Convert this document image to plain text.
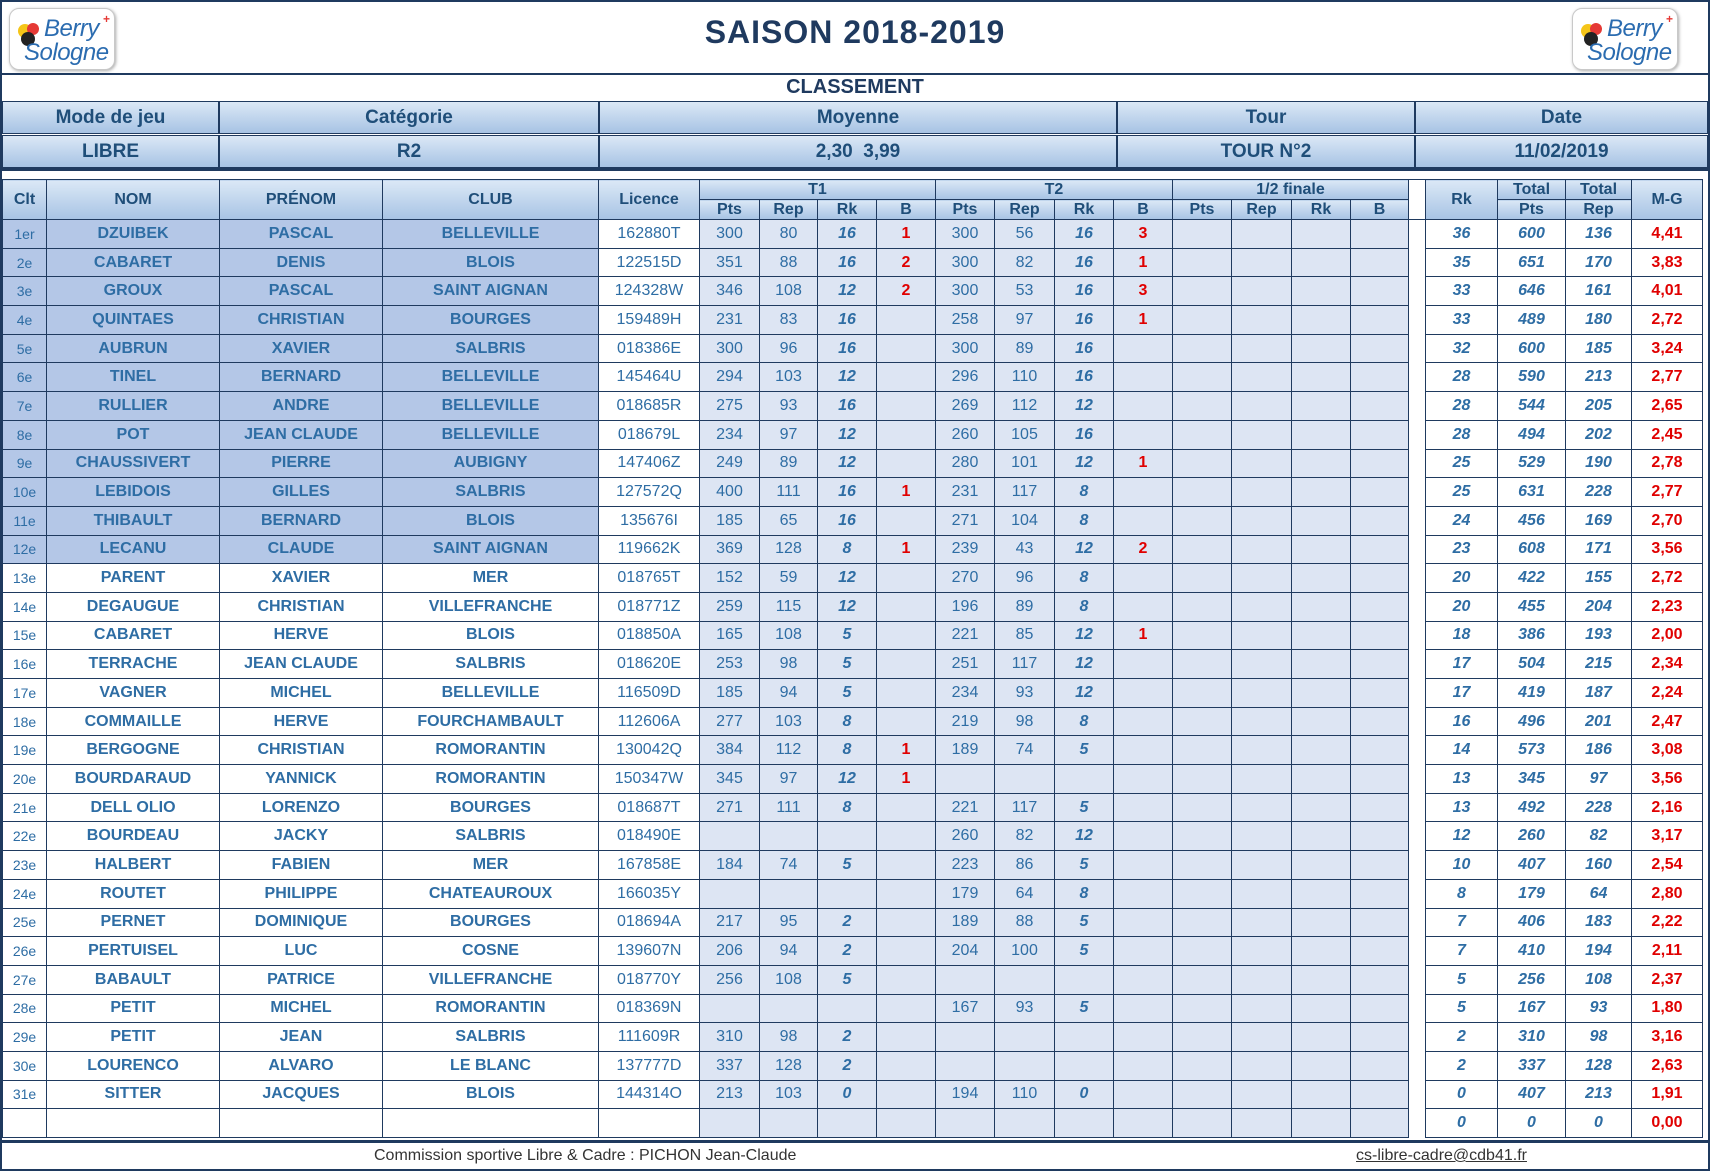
+
Berry
Sologne
+
Berry
Sologne
SAISON 2018-2019
CLASSEMENT
Mode de jeu	Catégorie	Moyenne	Tour	Date
LIBRE	R2	2,30  3,99	TOUR N°2	11/02/2019
Clt	NOM	PRÉNOM	CLUB	Licence	T1				T2				1/2 finale					Rk	Total	Total	M-G
					Pts	Rep	Rk	B	Pts	Rep	Rk	B	Pts	Rep	Rk	B			Pts	Rep	
1er	DZUIBEK	PASCAL	BELLEVILLE	162880T	300	80	16	1	300	56	16	3						36	600	136	4,41
2e	CABARET	DENIS	BLOIS	122515D	351	88	16	2	300	82	16	1						35	651	170	3,83
3e	GROUX	PASCAL	SAINT AIGNAN	124328W	346	108	12	2	300	53	16	3						33	646	161	4,01
4e	QUINTAES	CHRISTIAN	BOURGES	159489H	231	83	16		258	97	16	1						33	489	180	2,72
5e	AUBRUN	XAVIER	SALBRIS	018386E	300	96	16		300	89	16							32	600	185	3,24
6e	TINEL	BERNARD	BELLEVILLE	145464U	294	103	12		296	110	16							28	590	213	2,77
7e	RULLIER	ANDRE	BELLEVILLE	018685R	275	93	16		269	112	12							28	544	205	2,65
8e	POT	JEAN CLAUDE	BELLEVILLE	018679L	234	97	12		260	105	16							28	494	202	2,45
9e	CHAUSSIVERT	PIERRE	AUBIGNY	147406Z	249	89	12		280	101	12	1						25	529	190	2,78
10e	LEBIDOIS	GILLES	SALBRIS	127572Q	400	111	16	1	231	117	8							25	631	228	2,77
11e	THIBAULT	BERNARD	BLOIS	135676I	185	65	16		271	104	8							24	456	169	2,70
12e	LECANU	CLAUDE	SAINT AIGNAN	119662K	369	128	8	1	239	43	12	2						23	608	171	3,56
13e	PARENT	XAVIER	MER	018765T	152	59	12		270	96	8							20	422	155	2,72
14e	DEGAUGUE	CHRISTIAN	VILLEFRANCHE	018771Z	259	115	12		196	89	8							20	455	204	2,23
15e	CABARET	HERVE	BLOIS	018850A	165	108	5		221	85	12	1						18	386	193	2,00
16e	TERRACHE	JEAN CLAUDE	SALBRIS	018620E	253	98	5		251	117	12							17	504	215	2,34
17e	VAGNER	MICHEL	BELLEVILLE	116509D	185	94	5		234	93	12							17	419	187	2,24
18e	COMMAILLE	HERVE	FOURCHAMBAULT	112606A	277	103	8		219	98	8							16	496	201	2,47
19e	BERGOGNE	CHRISTIAN	ROMORANTIN	130042Q	384	112	8	1	189	74	5							14	573	186	3,08
20e	BOURDARAUD	YANNICK	ROMORANTIN	150347W	345	97	12	1										13	345	97	3,56
21e	DELL OLIO	LORENZO	BOURGES	018687T	271	111	8		221	117	5							13	492	228	2,16
22e	BOURDEAU	JACKY	SALBRIS	018490E					260	82	12							12	260	82	3,17
23e	HALBERT	FABIEN	MER	167858E	184	74	5		223	86	5							10	407	160	2,54
24e	ROUTET	PHILIPPE	CHATEAUROUX	166035Y					179	64	8							8	179	64	2,80
25e	PERNET	DOMINIQUE	BOURGES	018694A	217	95	2		189	88	5							7	406	183	2,22
26e	PERTUISEL	LUC	COSNE	139607N	206	94	2		204	100	5							7	410	194	2,11
27e	BABAULT	PATRICE	VILLEFRANCHE	018770Y	256	108	5											5	256	108	2,37
28e	PETIT	MICHEL	ROMORANTIN	018369N					167	93	5							5	167	93	1,80
29e	PETIT	JEAN	SALBRIS	111609R	310	98	2											2	310	98	3,16
30e	LOURENCO	ALVARO	LE BLANC	137777D	337	128	2											2	337	128	2,63
31e	SITTER	JACQUES	BLOIS	144314O	213	103	0		194	110	0							0	407	213	1,91
																		0	0	0	0,00
Commission sportive Libre & Cadre : PICHON Jean-Claude	cs-libre-cadre@cdb41.fr
